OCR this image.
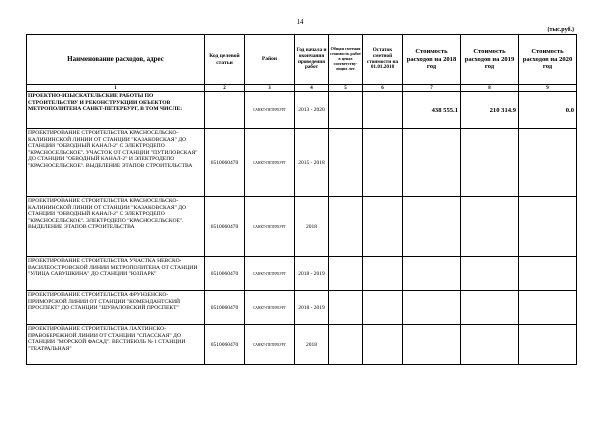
14
(тыс.руб.)
Наименование расходов, адрес	Код целевой статьи	Район	Год начала и окончания проведения работ	Общая сметная стоимость работ в ценах соответству-ющих лет	Остаток сметной стоимости на 01.01.2018	Стоимость расходов на 2018 год	Стоимость расходов на 2019 год	Стоимость расходов на 2020 год
1	2	3	4	5	6	7	8	9
ПРОЕКТНО-ИЗЫСКАТЕЛЬСКИЕ РАБОТЫ ПО СТРОИТЕЛЬСТВУ И РЕКОНСТРУКЦИИ ОБЪЕКТОВ МЕТРОПОЛИТЕНА САНКТ-ПЕТЕРБУРГ, В ТОМ ЧИСЛЕ:		САНКТ-ПЕТЕРБУРГ	2013 - 2020			438 555.1	210 314.9	0.0
ПРОЕКТИРОВАНИЕ СТРОИТЕЛЬСТВА КРАСНОСЕЛЬСКО-КАЛИНИНСКОЙ ЛИНИИ ОТ СТАНЦИИ "КАЗАКОВСКАЯ" ДО СТАНЦИИ "ОБВОДНЫЙ КАНАЛ-2" С ЭЛЕКТРОДЕПО "КРАСНОСЕЛЬСКОЕ". УЧАСТОК ОТ СТАНЦИИ "ПУТИЛОВСКАЯ" ДО СТАНЦИИ "ОБВОДНЫЙ КАНАЛ-2" И ЭЛЕКТРОДЕПО "КРАСНОСЕЛЬСКОЕ". ВЫДЕЛЕНИЕ ЭТАПОВ СТРОИТЕЛЬСТВА	0510060470	САНКТ-ПЕТЕРБУРГ	2015 - 2018					
ПРОЕКТИРОВАНИЕ СТРОИТЕЛЬСТВА КРАСНОСЕЛЬСКО-КАЛИНИНСКОЙ ЛИНИИ ОТ СТАНЦИИ "КАЗАКОВСКАЯ" ДО СТАНЦИИ "ОБВОДНЫЙ КАНАЛ-2" С ЭЛЕКТРОДЕПО "КРАСНОСЕЛЬСКОЕ". ЭЛЕКТРОДЕПО "КРАСНОСЕЛЬСКОЕ". ВЫДЕЛЕНИЕ ЭТАПОВ СТРОИТЕЛЬСТВА	0510060470	САНКТ-ПЕТЕРБУРГ	2018					
ПРОЕКТИРОВАНИЕ СТРОИТЕЛЬСТВА УЧАСТКА НЕВСКО-ВАСИЛЕОСТРОВСКОЙ ЛИНИИ МЕТРОПОЛИТЕНА ОТ СТАНЦИИ "УЛИЦА САВУШКИНА" ДО СТАНЦИИ "ЮЗПАРК"	0510060470	САНКТ-ПЕТЕРБУРГ	2018 - 2019					
ПРОЕКТИРОВАНИЕ СТРОИТЕЛЬСТВА ФРУНЗЕНСКО-ПРИМОРСКОЙ ЛИНИИ ОТ СТАНЦИИ "КОМЕНДАНТСКИЙ ПРОСПЕКТ" ДО СТАНЦИИ "ШУВАЛОВСКИЙ ПРОСПЕКТ"	0510060470	САНКТ-ПЕТЕРБУРГ	2018 - 2019					
ПРОЕКТИРОВАНИЕ СТРОИТЕЛЬСТВА ЛАХТИНСКО-ПРАВОБЕРЕЖНОЙ ЛИНИИ ОТ СТАНЦИИ "СПАССКАЯ" ДО СТАНЦИИ "МОРСКОЙ ФАСАД". ВЕСТИБЮЛЬ № 1 СТАНЦИИ "ТЕАТРАЛЬНАЯ"	0510060470	САНКТ-ПЕТЕРБУРГ	2018					
